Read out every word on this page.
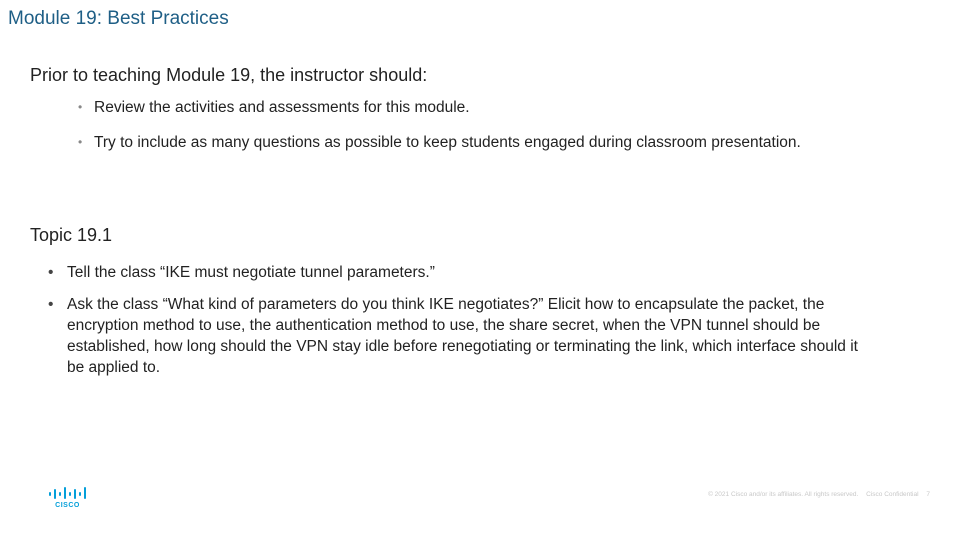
Module 19: Best Practices
Prior to teaching Module 19, the instructor should:
• Review the activities and assessments for this module.
• Try to include as many questions as possible to keep students engaged during classroom presentation.
Topic 19.1
• Tell the class “IKE must negotiate tunnel parameters.”
• Ask the class “What kind of parameters do you think IKE negotiates?” Elicit how to encapsulate the packet, the encryption method to use, the authentication method to use, the share secret, when the VPN tunnel should be established, how long should the VPN stay idle before renegotiating or terminating the link, which interface should it be applied to.
CISCO
© 2021 Cisco and/or its affiliates. All rights reserved. Cisco Confidential 7
